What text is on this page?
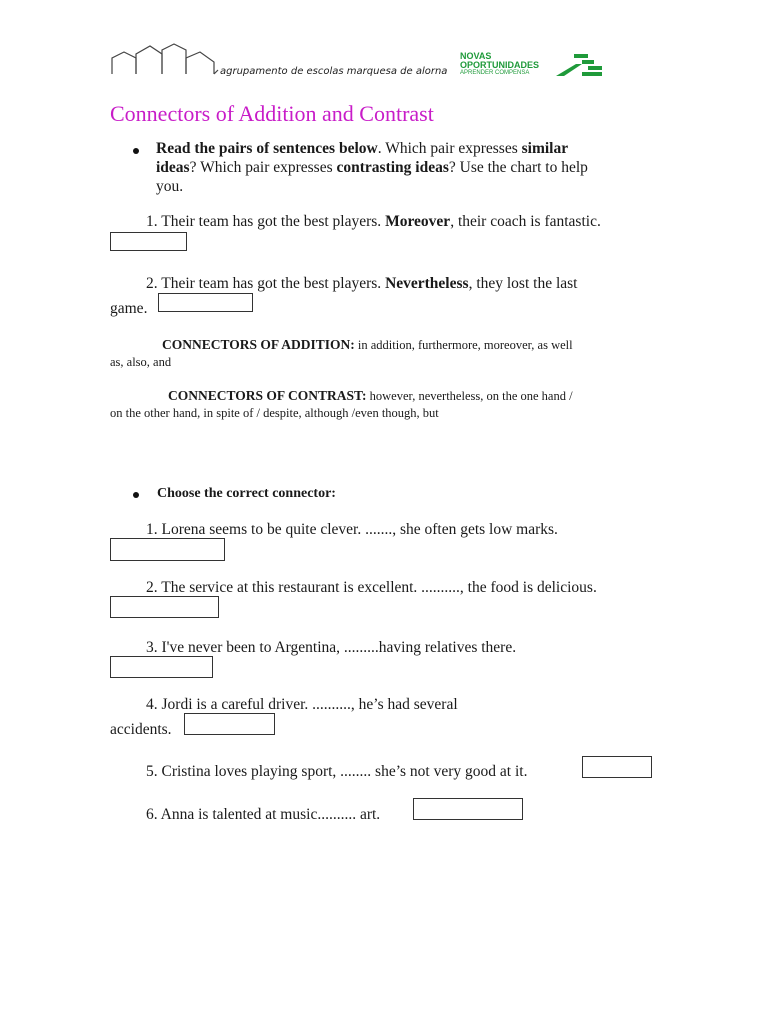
agrupamento de escolas marquesa de alorna
NOVAS
OPORTUNIDADES
APRENDER COMPENSA
Connectors of Addition and Contrast
Read the pairs of sentences below. Which pair expresses similar
ideas? Which pair expresses contrasting ideas? Use the chart to help
you.
1. Their team has got the best players. Moreover, their coach is fantastic.
2. Their team has got the best players. Nevertheless, they lost the last
game.
CONNECTORS OF ADDITION: in addition, furthermore, moreover, as well
as, also, and
CONNECTORS OF CONTRAST: however, nevertheless, on the one hand /
on the other hand, in spite of / despite, although /even though, but
Choose the correct connector:
1. Lorena seems to be quite clever. ......., she often gets low marks.
2. The service at this restaurant is excellent. .........., the food is delicious.
3. I've never been to Argentina, .........having relatives there.
4. Jordi is a careful driver. .........., he’s had several
accidents.
5. Cristina loves playing sport, ........ she’s not very good at it.
6. Anna is talented at music.......... art.
